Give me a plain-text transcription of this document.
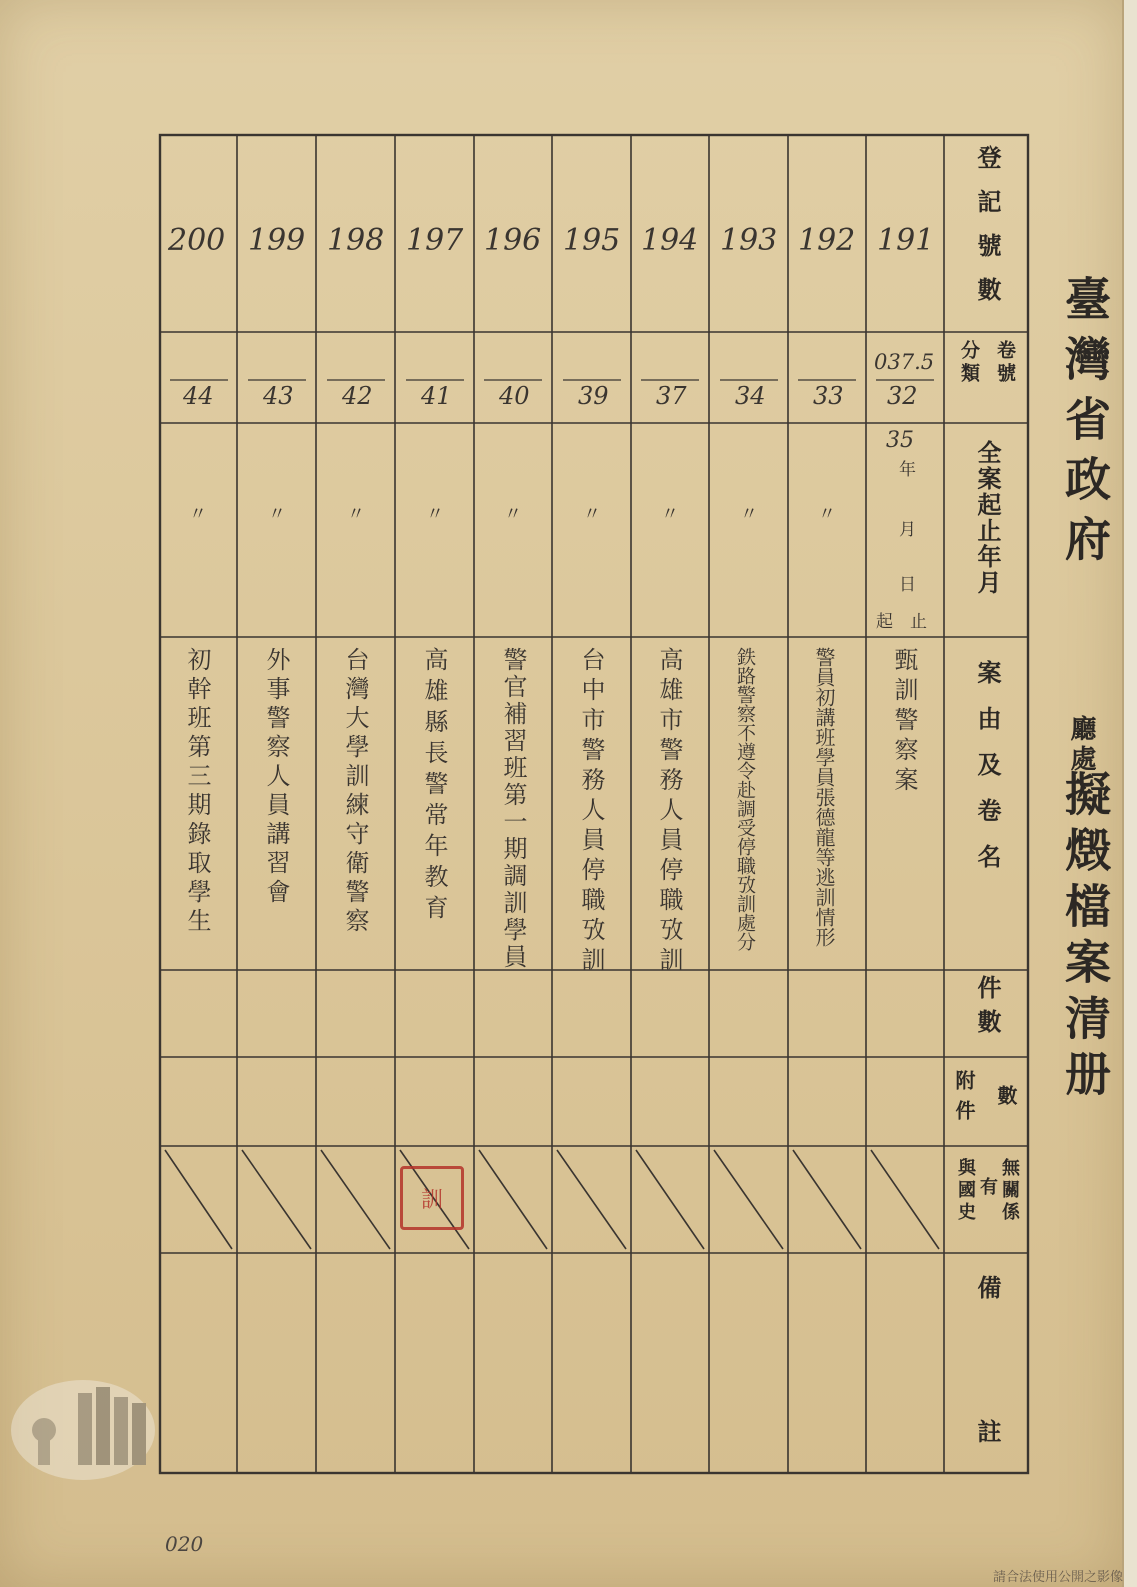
臺灣省政府
廳處
擬燬檔案清册
登記號數
卷號
分類
全案起止年月
案由及卷名
件數
數
附件
無關係
有
與國史
備註
191
192
193
194
195
196
197
198
199
200
037.5
32
33
34
37
39
40
41
42
43
44
35
年
月
日
起 止
〃
〃
〃
〃
〃
〃
〃
〃
〃
甄訓警察案
警員初講班學員張德龍等逃訓情形
鉄路警察不遵令赴調受停職攷訓處分
高雄市警務人員停職攷訓
台中市警務人員停職攷訓
警官補習班第一期調訓學員
高雄縣長警常年教育
台灣大學訓練守衛警察
外事警察人員講習會
初幹班第三期錄取學生
訓
020
請合法使用公開之影像
